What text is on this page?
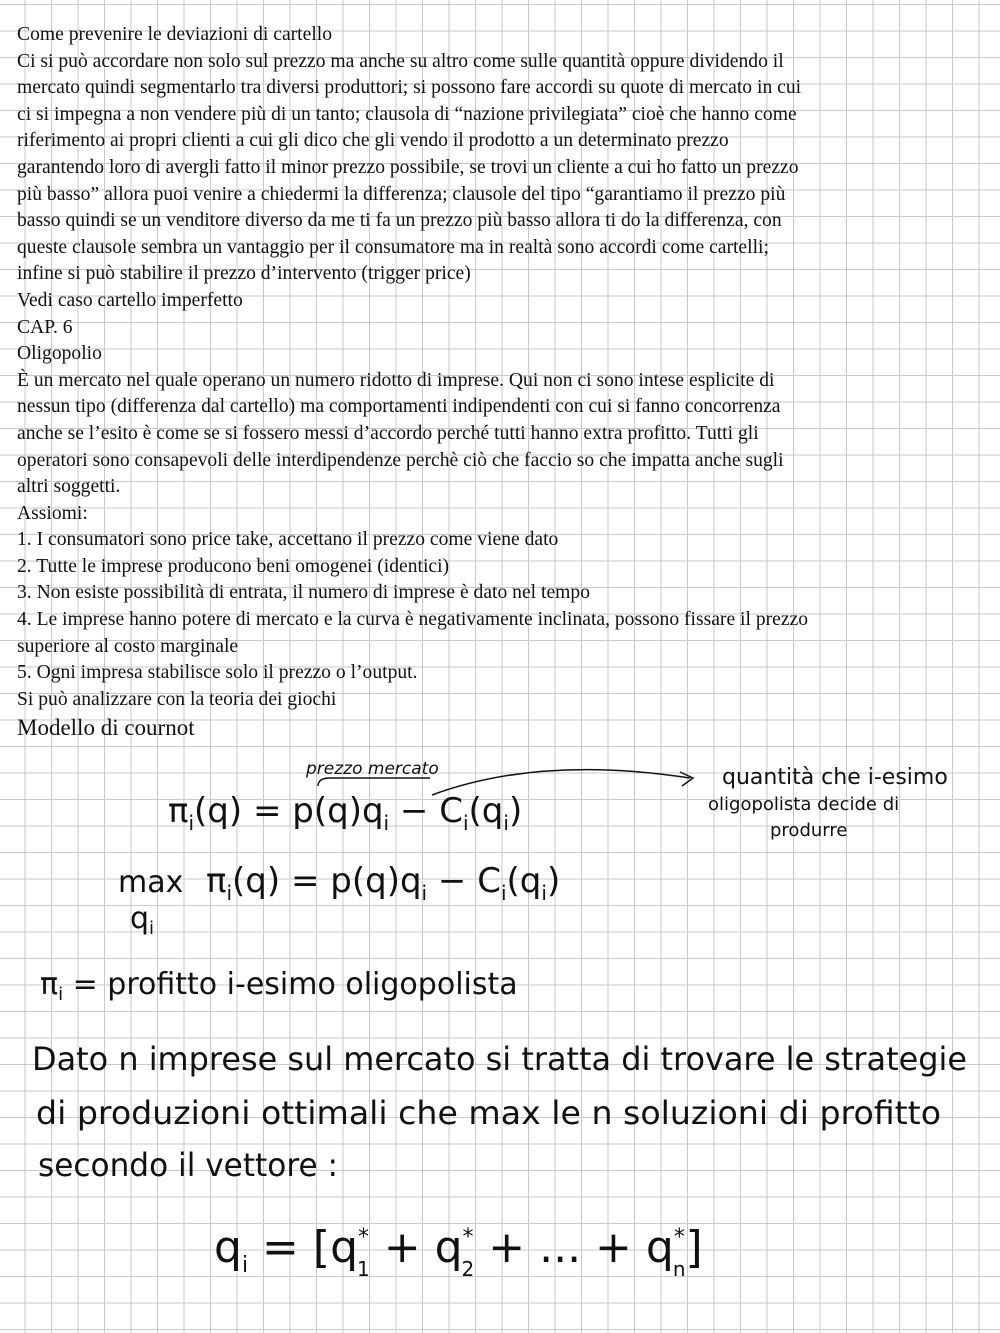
Come prevenire le deviazioni di cartello

Ci si può accordare non solo sul prezzo ma anche su altro come sulle quantità oppure dividendo il

mercato quindi segmentarlo tra diversi produttori; si possono fare accordi su quote di mercato in cui

ci si impegna a non vendere più di un tanto; clausola di “nazione privilegiata” cioè che hanno come

riferimento ai propri clienti a cui gli dico che gli vendo il prodotto a un determinato prezzo

garantendo loro di avergli fatto il minor prezzo possibile, se trovi un cliente a cui ho fatto un prezzo

più basso” allora puoi venire a chiedermi la differenza; clausole del tipo “garantiamo il prezzo più

basso quindi se un venditore diverso da me ti fa un prezzo più basso allora ti do la differenza, con

queste clausole sembra un vantaggio per il consumatore ma in realtà sono accordi come cartelli;

infine si può stabilire il prezzo d’intervento (trigger price)

Vedi caso cartello imperfetto

CAP. 6

Oligopolio

È un mercato nel quale operano un numero ridotto di imprese. Qui non ci sono intese esplicite di

nessun tipo (differenza dal cartello) ma comportamenti indipendenti con cui si fanno concorrenza

anche se l’esito è come se si fossero messi d’accordo perché tutti hanno extra profitto. Tutti gli

operatori sono consapevoli delle interdipendenze perchè ciò che faccio so che impatta anche sugli

altri soggetti.

Assiomi:

1. I consumatori sono price take, accettano il prezzo come viene dato

2. Tutte le imprese producono beni omogenei (identici)

3. Non esiste possibilità di entrata, il numero di imprese è dato nel tempo

4. Le imprese hanno potere di mercato e la curva è negativamente inclinata, possono fissare il prezzo

superiore al costo marginale

5. Ogni impresa stabilisce solo il prezzo o l’output.

Si può analizzare con la teoria dei giochi

Modello di cournot

prezzo mercato
$\pi_i(q) = p(q)q_i - C_i(q_i)$
quantità che i-esimo
oligopolista decide di
produrre
max
$q_i$
$\pi_i(q) = p(q)q_i - C_i(q_i)$
$\pi_i$ = profitto i-esimo oligopolista
Dato n imprese sul mercato si tratta di trovare le strategie
di produzioni ottimali che max le n soluzioni di profitto
secondo il vettore :
$q_i = [q^*$ 1 + q* 2 + ... + q* n]
